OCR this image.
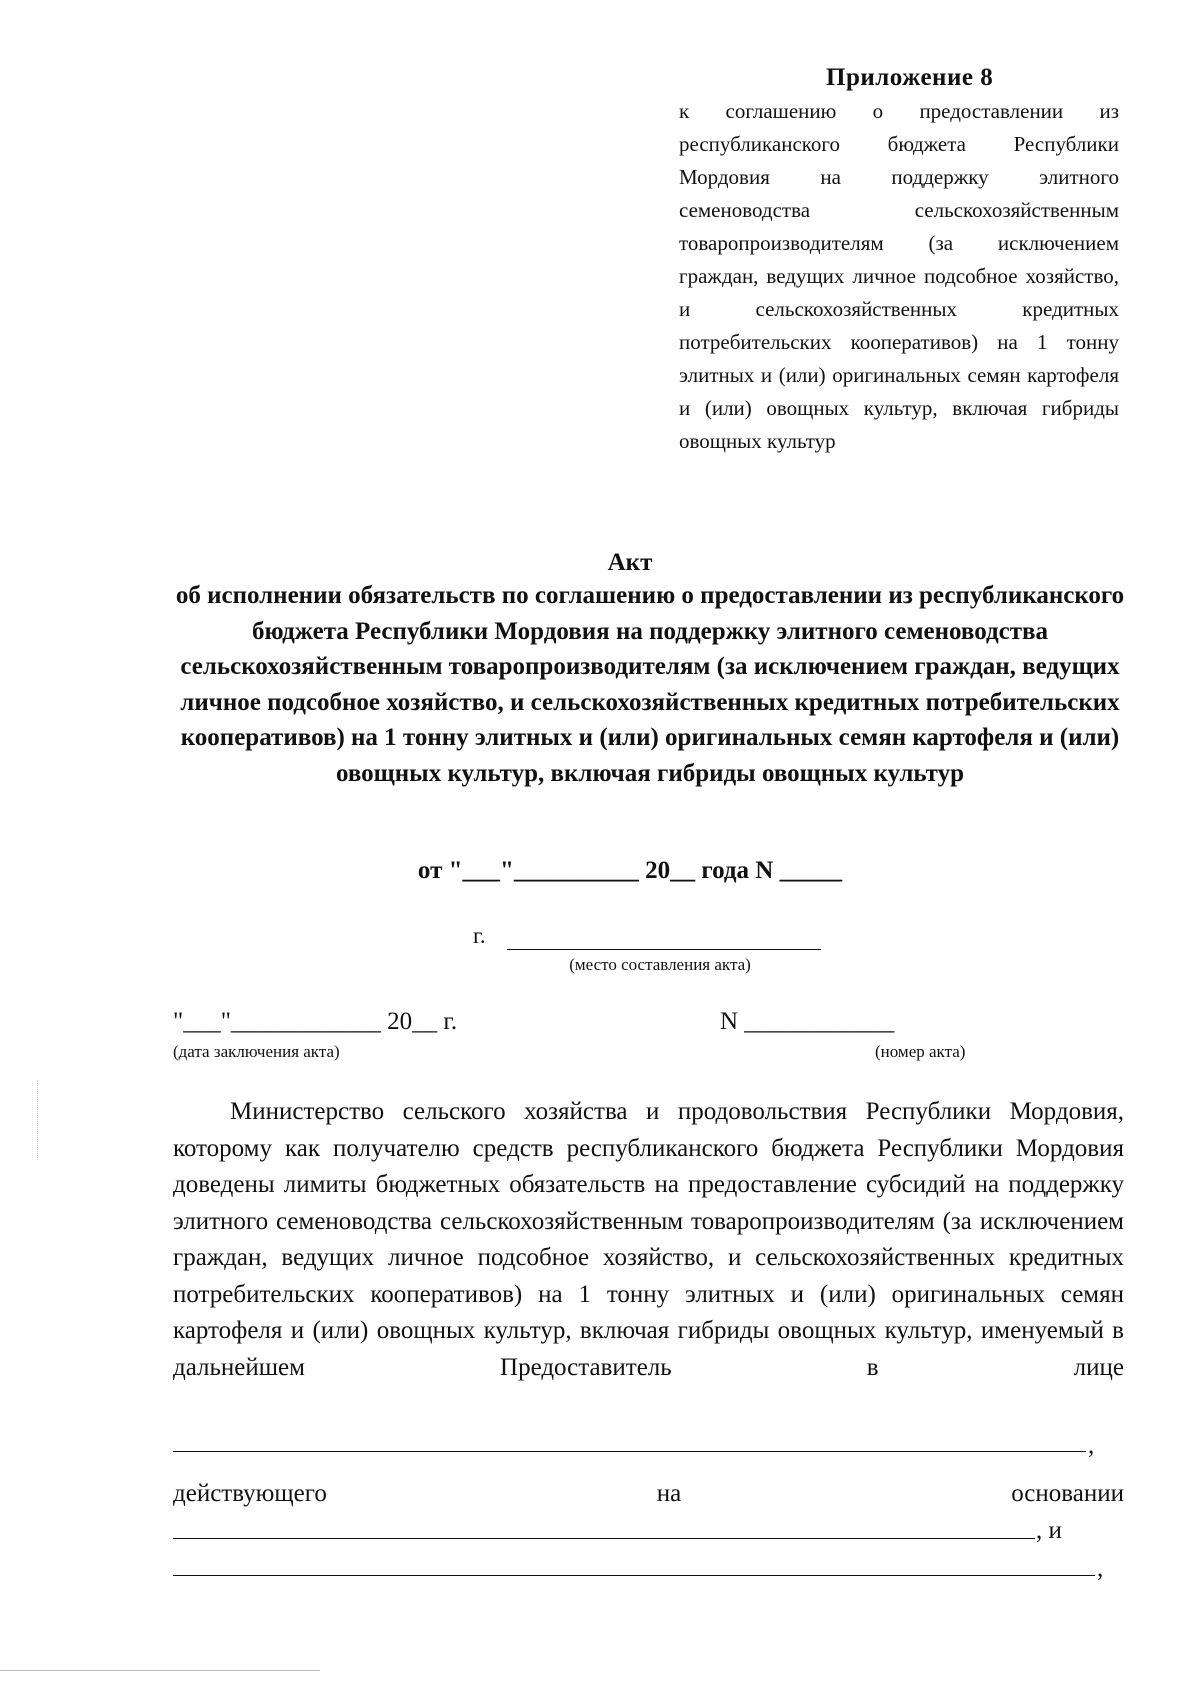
Приложение 8
к соглашению о предоставлении из республиканского бюджета Республики Мордовия на поддержку элитного семеноводства сельскохозяйственным товаропроизводителям (за исключением граждан, ведущих личное подсобное хозяйство, и сельскохозяйственных кредитных потребительских кооперативов) на 1 тонну элитных и (или) оригинальных семян картофеля и (или) овощных культур, включая гибриды овощных культур
Акт
об исполнении обязательств по соглашению о предоставлении из республиканского бюджета Республики Мордовия на поддержку элитного семеноводства сельскохозяйственным товаропроизводителям (за исключением граждан, ведущих личное подсобное хозяйство, и сельскохозяйственных кредитных потребительских кооперативов) на 1 тонну элитных и (или) оригинальных семян картофеля и (или) овощных культур, включая гибриды овощных культур
от "___"__________ 20__ года N _____
г.
(место составления акта)
"___"____________ 20__ г.
(дата заключения акта)
N ____________
(номер акта)
Министерство сельского хозяйства и продовольствия Республики Мордовия, которому как получателю средств республиканского бюджета Республики Мордовия доведены лимиты бюджетных обязательств на предоставление субсидий на поддержку элитного семеноводства сельскохозяйственным товаропроизводителям (за исключением граждан, ведущих личное подсобное хозяйство, и сельскохозяйственных кредитных потребительских кооперативов) на 1 тонну элитных и (или) оригинальных семян картофеля и (или) овощных культур, включая гибриды овощных культур, именуемый в дальнейшем Предоставитель в лице
,
действующего	на	основании
, и
,
